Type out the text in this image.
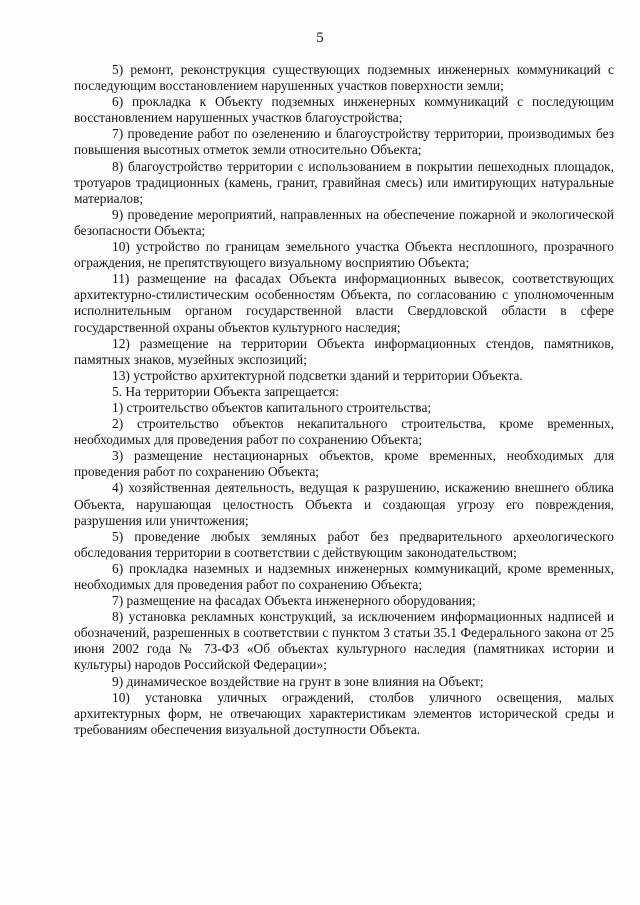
5

5) ремонт, реконструкция существующих подземных инженерных коммуникаций с последующим восстановлением нарушенных участков поверхности земли;

6) прокладка к Объекту подземных инженерных коммуникаций с последующим восстановлением нарушенных участков благоустройства;

7) проведение работ по озеленению и благоустройству территории, производимых без повышения высотных отметок земли относительно Объекта;

8) благоустройство территории с использованием в покрытии пешеходных площадок, тротуаров традиционных (камень, гранит, гравийная смесь) или имитирующих натуральные материалов;

9) проведение мероприятий, направленных на обеспечение пожарной и экологической безопасности Объекта;

10) устройство по границам земельного участка Объекта несплошного, прозрачного ограждения, не препятствующего визуальному восприятию Объекта;

11) размещение на фасадах Объекта информационных вывесок, соответствующих архитектурно-стилистическим особенностям Объекта, по согласованию с уполномоченным исполнительным органом государственной власти Свердловской области в сфере государственной охраны объектов культурного наследия;

12) размещение на территории Объекта информационных стендов, памятников, памятных знаков, музейных экспозиций;

13) устройство архитектурной подсветки зданий и территории Объекта.

5. На территории Объекта запрещается:

1) строительство объектов капитального строительства;

2) строительство объектов некапитального строительства, кроме временных, необходимых для проведения работ по сохранению Объекта;

3) размещение нестационарных объектов, кроме временных, необходимых для проведения работ по сохранению Объекта;

4) хозяйственная деятельность, ведущая к разрушению, искажению внешнего облика Объекта, нарушающая целостность Объекта и создающая угрозу его повреждения, разрушения или уничтожения;

5) проведение любых земляных работ без предварительного археологического обследования территории в соответствии с действующим законодательством;

6) прокладка наземных и надземных инженерных коммуникаций, кроме временных, необходимых для проведения работ по сохранению Объекта;

7) размещение на фасадах Объекта инженерного оборудования;

8) установка рекламных конструкций, за исключением информационных надписей и обозначений, разрешенных в соответствии с пунктом 3 статьи 35.1 Федерального закона от 25 июня 2002 года № 73-ФЗ «Об объектах культурного наследия (памятниках истории и культуры) народов Российской Федерации»;

9) динамическое воздействие на грунт в зоне влияния на Объект;

10) установка уличных ограждений, столбов уличного освещения, малых архитектурных форм, не отвечающих характеристикам элементов исторической среды и требованиям обеспечения визуальной доступности Объекта.
